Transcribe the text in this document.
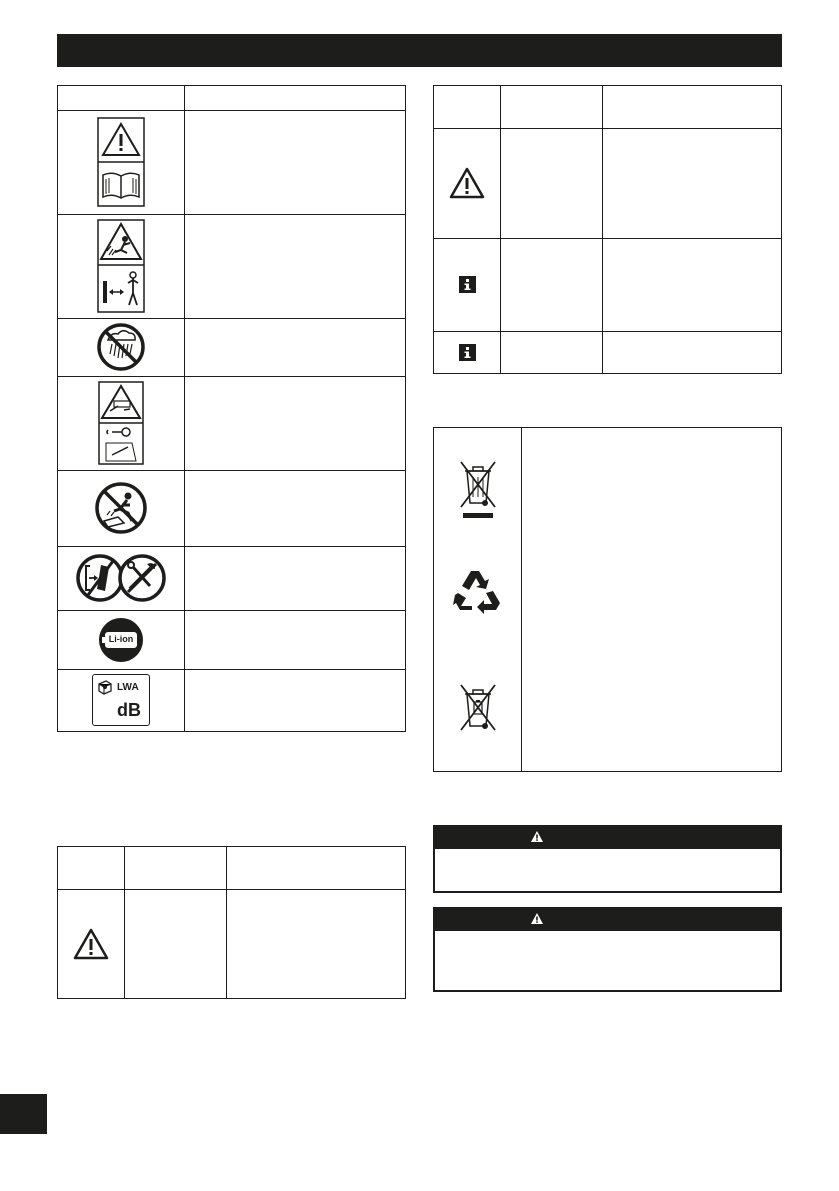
Li-ion
LWA
dB
